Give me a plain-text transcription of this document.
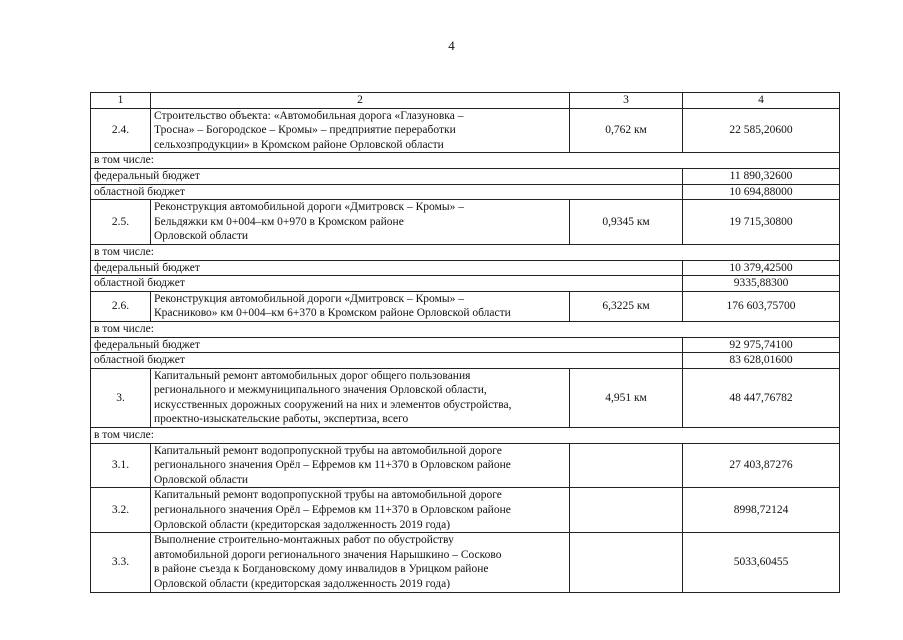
4
1	2	3	4
2.4.	Строительство объекта: «Автомобильная дорога «Глазуновка –
Тросна» – Богородское – Кромы» – предприятие переработки
сельхозпродукции» в Кромском районе Орловской области	0,762 км	22 585,20600
в том числе:			
федеральный бюджет			11 890,32600
областной бюджет			10 694,88000
2.5.	Реконструкция автомобильной дороги «Дмитровск – Кромы» –
Бельдяжки км 0+004–км 0+970 в Кромском районе
Орловской области	0,9345 км	19 715,30800
в том числе:			
федеральный бюджет			10 379,42500
областной бюджет			9335,88300
2.6.	Реконструкция автомобильной дороги «Дмитровск – Кромы» –
Красниково» км 0+004–км 6+370 в Кромском районе Орловской области	6,3225 км	176 603,75700
в том числе:			
федеральный бюджет			92 975,74100
областной бюджет			83 628,01600
3.	Капитальный ремонт автомобильных дорог общего пользования
регионального и межмуниципального значения Орловской области,
искусственных дорожных сооружений на них и элементов обустройства,
проектно-изыскательские работы, экспертиза, всего	4,951 км	48 447,76782
в том числе:			
3.1.	Капитальный ремонт водопропускной трубы на автомобильной дороге
регионального значения Орёл – Ефремов км 11+370 в Орловском районе
Орловской области		27 403,87276
3.2.	Капитальный ремонт водопропускной трубы на автомобильной дороге
регионального значения Орёл – Ефремов км 11+370 в Орловском районе
Орловской области (кредиторская задолженность 2019 года)		8998,72124
3.3.	Выполнение строительно-монтажных работ по обустройству
автомобильной дороги регионального значения Нарышкино – Сосково
в районе съезда к Богдановскому дому инвалидов в Урицком районе
Орловской области (кредиторская задолженность 2019 года)		5033,60455
